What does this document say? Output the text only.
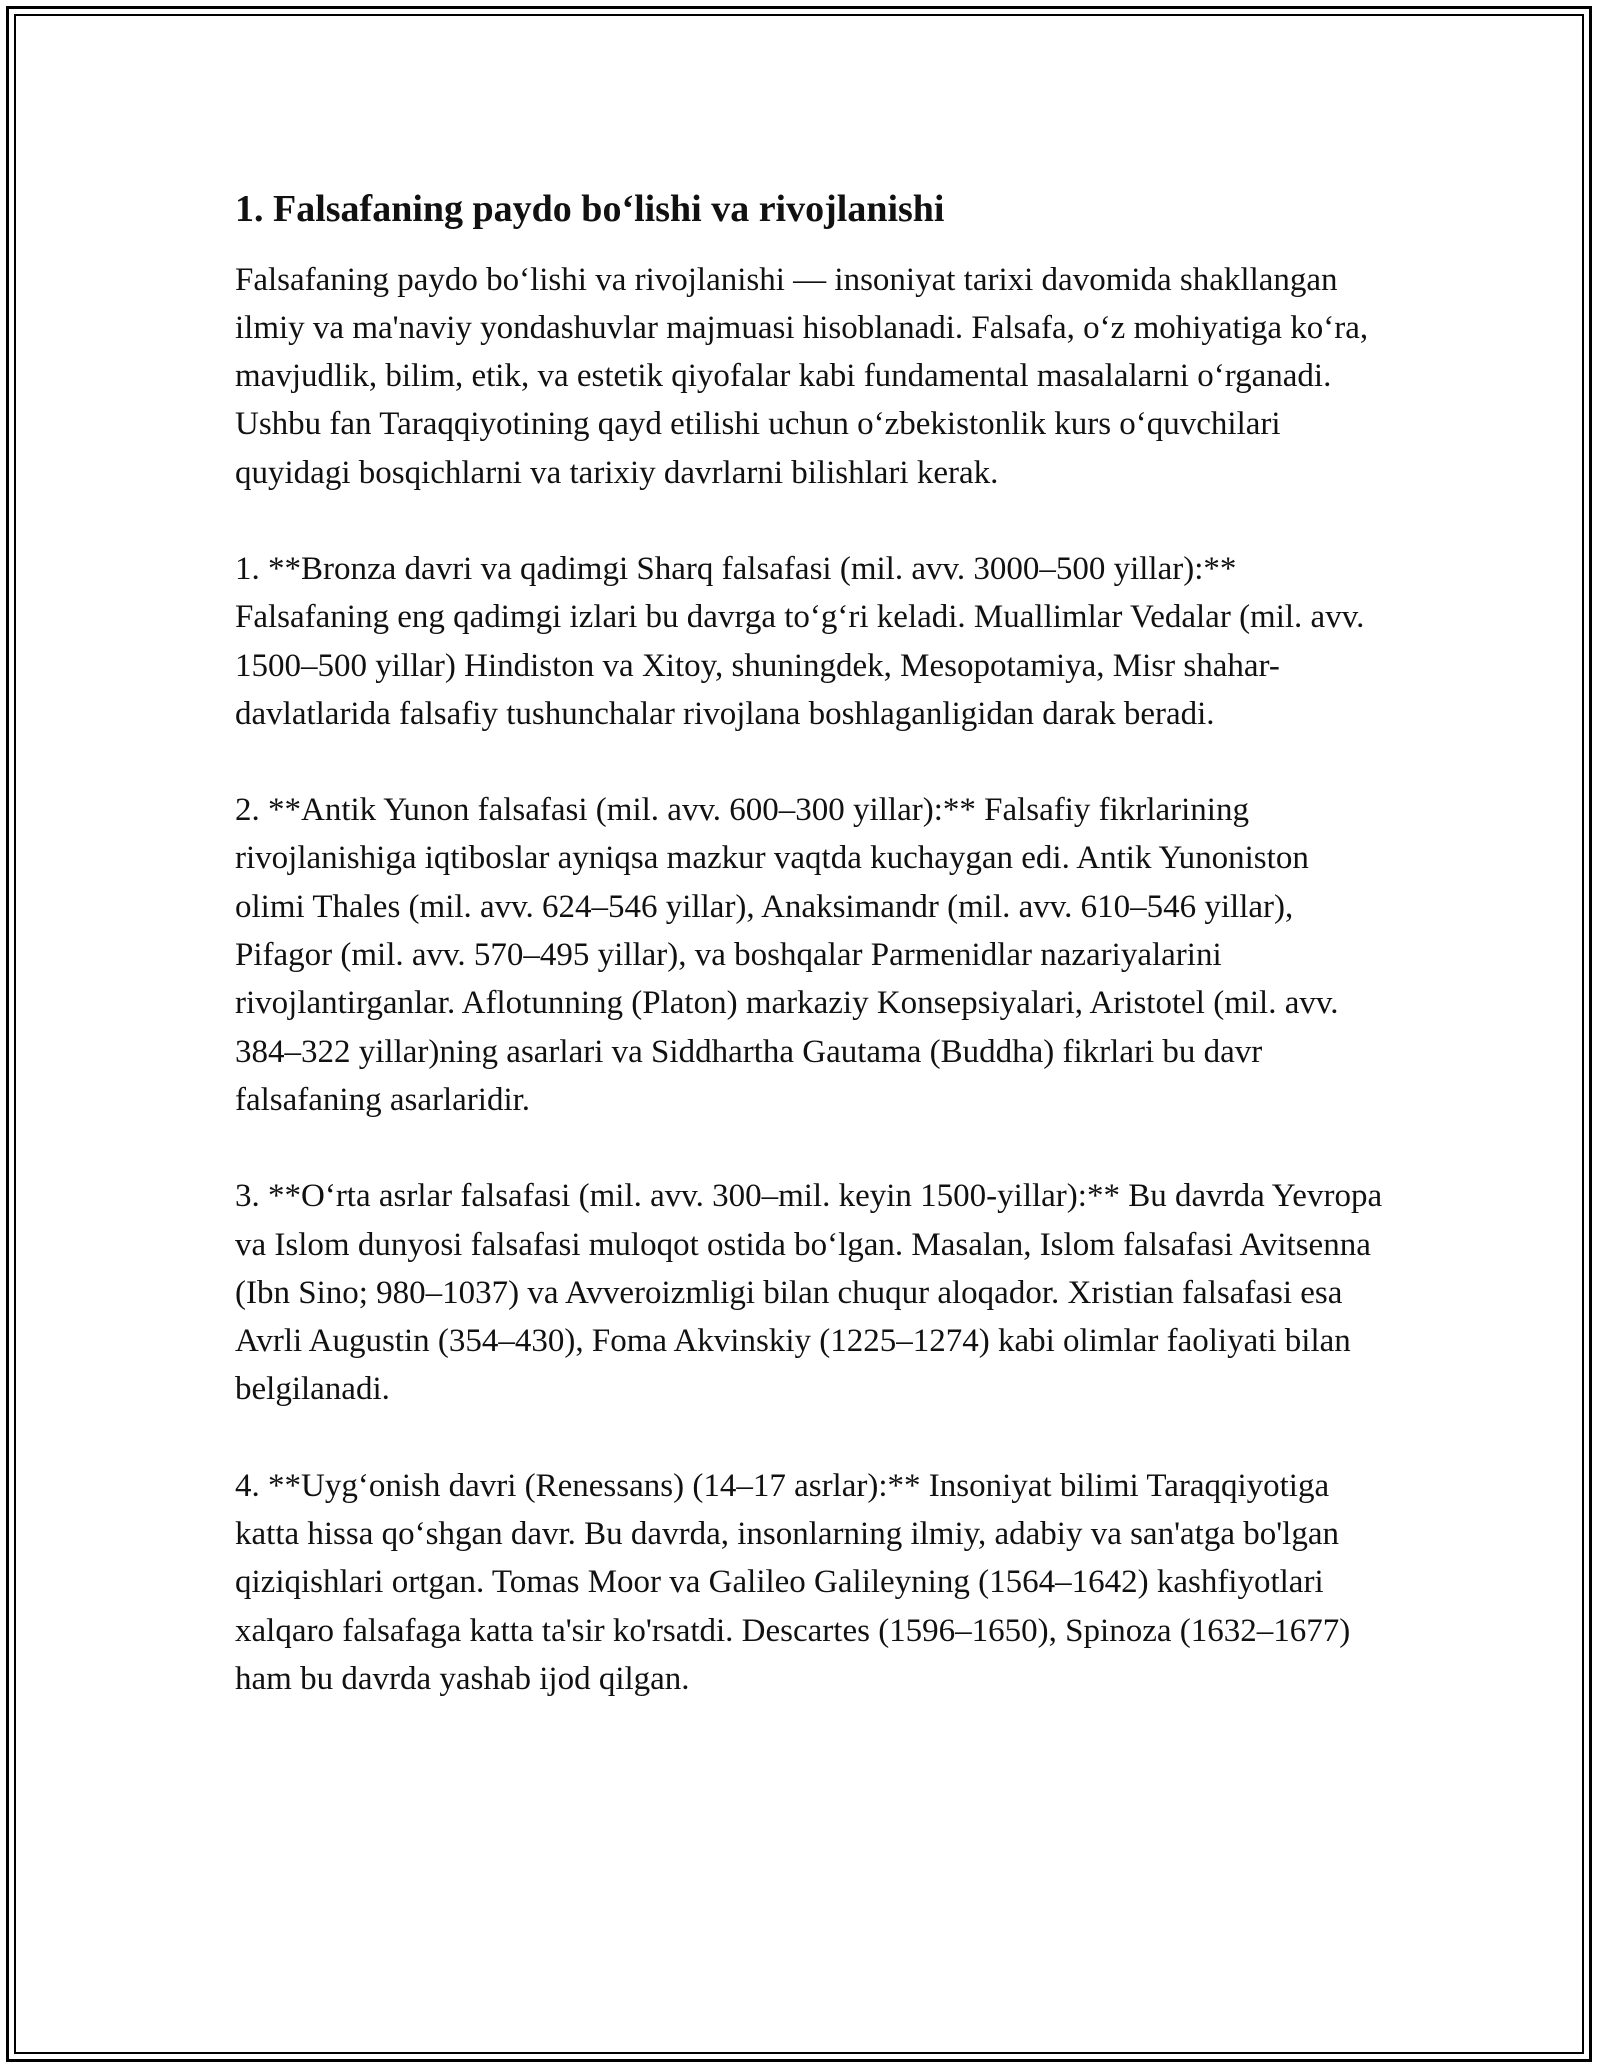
1. Falsafaning paydo bo‘lishi va rivojlanishi

Falsafaning paydo bo‘lishi va rivojlanishi — insoniyat tarixi davomida shakllangan ilmiy va ma'naviy yondashuvlar majmuasi hisoblanadi. Falsafa, o‘z mohiyatiga ko‘ra, mavjudlik, bilim, etik, va estetik qiyofalar kabi fundamental masalalarni o‘rganadi. Ushbu fan Taraqqiyotining qayd etilishi uchun o‘zbekistonlik kurs o‘quvchilari quyidagi bosqichlarni va tarixiy davrlarni bilishlari kerak.

1. **Bronza davri va qadimgi Sharq falsafasi (mil. avv. 3000–500 yillar):** Falsafaning eng qadimgi izlari bu davrga to‘g‘ri keladi. Muallimlar Vedalar (mil. avv. 1500–500 yillar) Hindiston va Xitoy, shuningdek, Mesopotamiya, Misr shahar-davlatlarida falsafiy tushunchalar rivojlana boshlaganligidan darak beradi.

2. **Antik Yunon falsafasi (mil. avv. 600–300 yillar):** Falsafiy fikrlarining rivojlanishiga iqtiboslar ayniqsa mazkur vaqtda kuchaygan edi. Antik Yunoniston olimi Thales (mil. avv. 624–546 yillar), Anaksimandr (mil. avv. 610–546 yillar), Pifagor (mil. avv. 570–495 yillar), va boshqalar Parmenidlar nazariyalarini rivojlantirganlar. Aflotunning (Platon) markaziy Konsepsiyalari, Aristotel (mil. avv. 384–322 yillar)ning asarlari va Siddhartha Gautama (Buddha) fikrlari bu davr falsafaning asarlaridir.

3. **O‘rta asrlar falsafasi (mil. avv. 300–mil. keyin 1500-yillar):** Bu davrda Yevropa va Islom dunyosi falsafasi muloqot ostida bo‘lgan. Masalan, Islom falsafasi Avitsenna (Ibn Sino; 980–1037) va Avveroizmligi bilan chuqur aloqador. Xristian falsafasi esa Avrli Augustin (354–430), Foma Akvinskiy (1225–1274) kabi olimlar faoliyati bilan belgilanadi.

4. **Uyg‘onish davri (Renessans) (14–17 asrlar):** Insoniyat bilimi Taraqqiyotiga katta hissa qo‘shgan davr. Bu davrda, insonlarning ilmiy, adabiy va san'atga bo'lgan qiziqishlari ortgan. Tomas Moor va Galileo Galileyning (1564–1642) kashfiyotlari xalqaro falsafaga katta ta'sir ko'rsatdi. Descartes (1596–1650), Spinoza (1632–1677) ham bu davrda yashab ijod qilgan.
